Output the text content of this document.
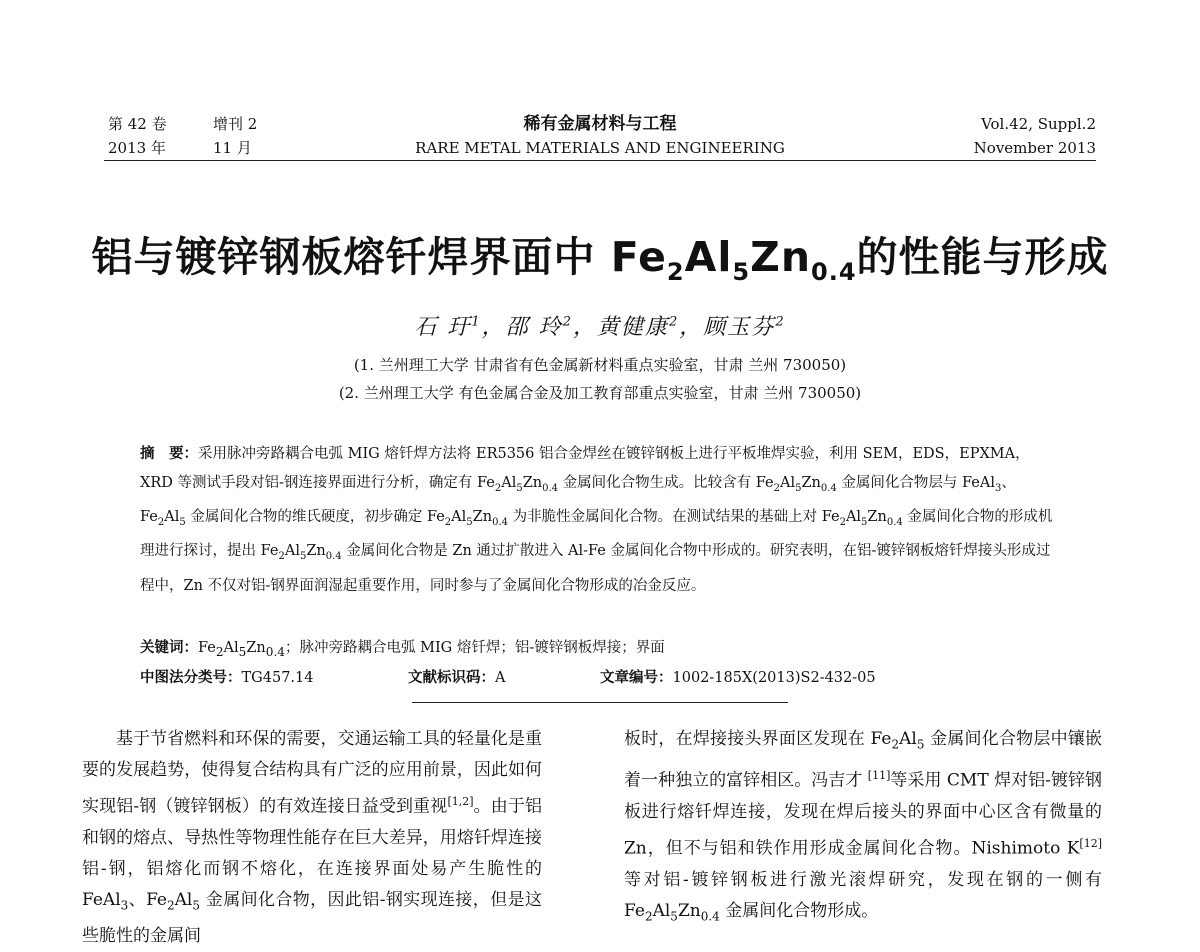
第 42 卷	增刊 2
2013 年	11 月
稀有金属材料与工程
RARE METAL MATERIALS AND ENGINEERING
Vol.42, Suppl.2
November 2013
铝与镀锌钢板熔钎焊界面中 $Fe_2Al_5Zn_{0.4}$的性能与形成
石 玗$^1$，邵 玲$^2$，黄健康$^2$，顾玉芬$^2$
(1. 兰州理工大学 甘肃省有色金属新材料重点实验室，甘肃 兰州 730050)
(2. 兰州理工大学 有色金属合金及加工教育部重点实验室，甘肃 兰州 730050)
摘　要：采用脉冲旁路耦合电弧 MIG 熔钎焊方法将 ER5356 铝合金焊丝在镀锌钢板上进行平板堆焊实验，利用 SEM，EDS，EPXMA，XRD 等测试手段对铝-钢连接界面进行分析，确定有 $Fe_2Al_5Zn_{0.4}$ 金属间化合物生成。比较含有 $Fe_2Al_5Zn_{0.4}$ 金属间化合物层与 FeAl$_3$、$Fe_2Al_5$ 金属间化合物的维氏硬度，初步确定 $Fe_2Al_5Zn_{0.4}$ 为非脆性金属间化合物。在测试结果的基础上对 $Fe_2Al_5Zn_{0.4}$ 金属间化合物的形成机理进行探讨，提出 $Fe_2Al_5Zn_{0.4}$ 金属间化合物是 Zn 通过扩散进入 Al-Fe 金属间化合物中形成的。研究表明，在铝-镀锌钢板熔钎焊接头形成过程中，Zn 不仅对铝-钢界面润湿起重要作用，同时参与了金属间化合物形成的冶金反应。
关键词：$Fe_2Al_5Zn_{0.4}$；脉冲旁路耦合电弧 MIG 熔钎焊；铝-镀锌钢板焊接；界面
中图法分类号：TG457.14	文献标识码：A	文章编号：1002-185X(2013)S2-432-05
基于节省燃料和环保的需要，交通运输工具的轻量化是重要的发展趋势，使得复合结构具有广泛的应用前景，因此如何实现铝-钢（镀锌钢板）的有效连接日益受到重视[1,2]。由于铝和钢的熔点、导热性等物理性能存在巨大差异，用熔钎焊连接铝-钢，铝熔化而钢不熔化，在连接界面处易产生脆性的 FeAl$_3$、$Fe_2Al_5$ 金属间化合物，因此铝-钢实现连接，但是这些脆性的金属间
板时，在焊接接头界面区发现在 $Fe_2Al_5$ 金属间化合物层中镶嵌着一种独立的富锌相区。冯吉才 [11]等采用 CMT 焊对铝-镀锌钢板进行熔钎焊连接，发现在焊后接头的界面中心区含有微量的 Zn，但不与铝和铁作用形成金属间化合物。Nishimoto K[12] 等对铝-镀锌钢板进行激光滚焊研究，发现在钢的一侧有 $Fe_2Al_5Zn_{0.4}$ 金属间化合物形成。
